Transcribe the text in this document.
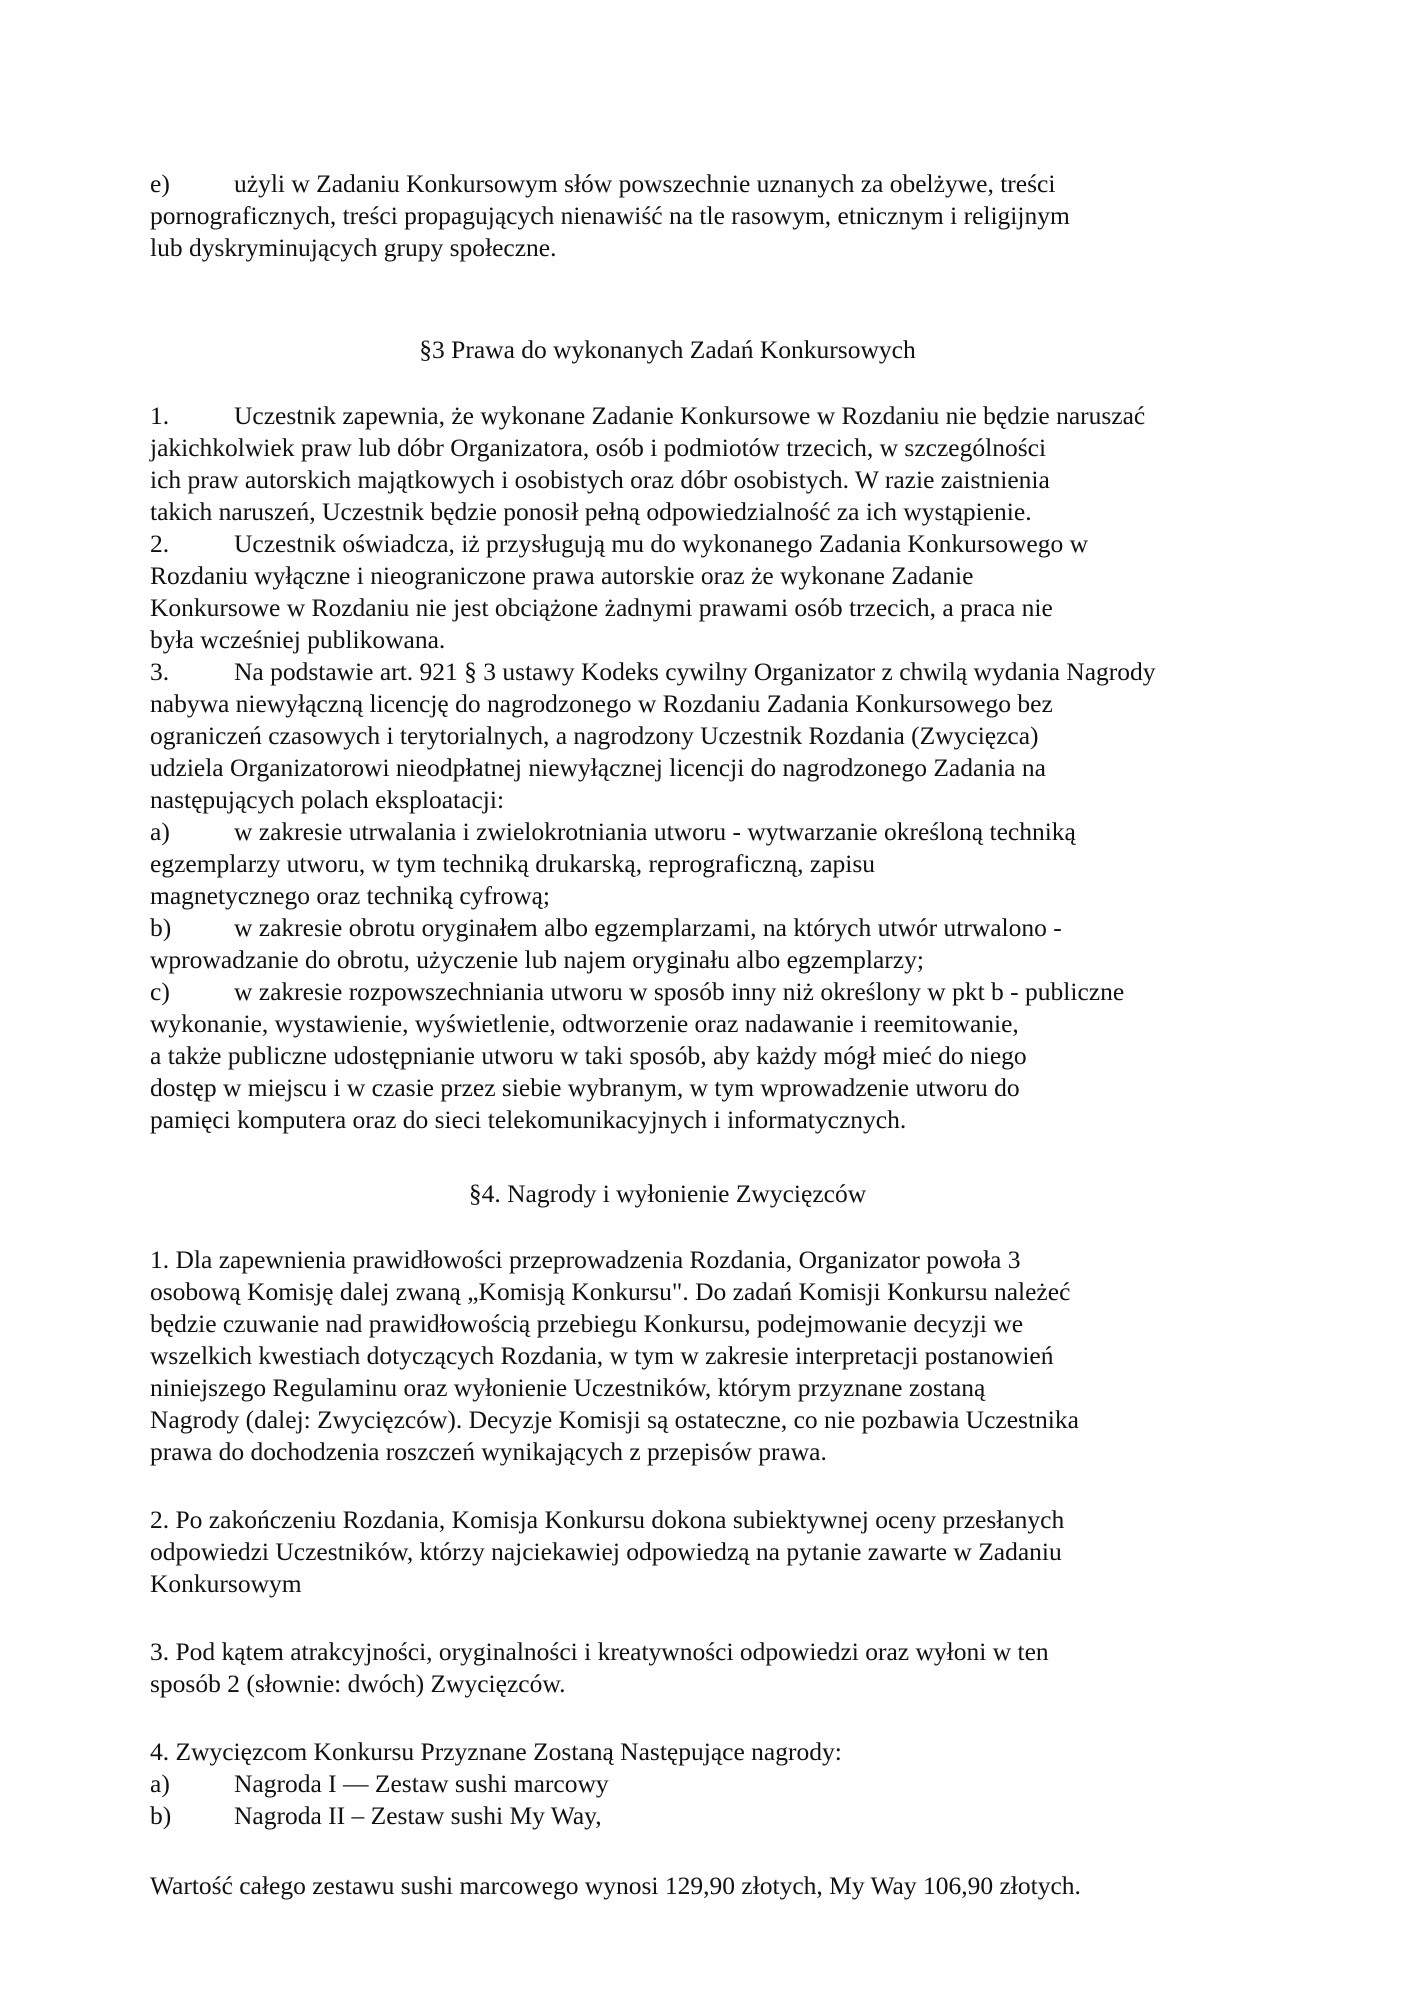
e)	użyli w Zadaniu Konkursowym słów powszechnie uznanych za obelżywe, treści
pornograficznych, treści propagujących nienawiść na tle rasowym, etnicznym i religijnym
lub dyskryminujących grupy społeczne.
§3 Prawa do wykonanych Zadań Konkursowych
1.	Uczestnik zapewnia, że wykonane Zadanie Konkursowe w Rozdaniu nie będzie naruszać
jakichkolwiek praw lub dóbr Organizatora, osób i podmiotów trzecich, w szczególności
ich praw autorskich majątkowych i osobistych oraz dóbr osobistych. W razie zaistnienia
takich naruszeń, Uczestnik będzie ponosił pełną odpowiedzialność za ich wystąpienie.
2.	Uczestnik oświadcza, iż przysługują mu do wykonanego Zadania Konkursowego w
Rozdaniu wyłączne i nieograniczone prawa autorskie oraz że wykonane Zadanie
Konkursowe w Rozdaniu nie jest obciążone żadnymi prawami osób trzecich, a praca nie
była wcześniej publikowana.
3.	Na podstawie art. 921 § 3 ustawy Kodeks cywilny Organizator z chwilą wydania Nagrody
nabywa niewyłączną licencję do nagrodzonego w Rozdaniu Zadania Konkursowego bez
ograniczeń czasowych i terytorialnych, a nagrodzony Uczestnik Rozdania (Zwycięzca)
udziela Organizatorowi nieodpłatnej niewyłącznej licencji do nagrodzonego Zadania na
następujących polach eksploatacji:
a)	w zakresie utrwalania i zwielokrotniania utworu - wytwarzanie określoną techniką
egzemplarzy utworu, w tym techniką drukarską, reprograficzną, zapisu
magnetycznego oraz techniką cyfrową;
b) w zakresie obrotu oryginałem albo egzemplarzami, na których utwór utrwalono -
wprowadzanie do obrotu, użyczenie lub najem oryginału albo egzemplarzy;
c)	w zakresie rozpowszechniania utworu w sposób inny niż określony w pkt b - publiczne
wykonanie, wystawienie, wyświetlenie, odtworzenie oraz nadawanie i reemitowanie,
a także publiczne udostępnianie utworu w taki sposób, aby każdy mógł mieć do niego
dostęp w miejscu i w czasie przez siebie wybranym, w tym wprowadzenie utworu do
pamięci komputera oraz do sieci telekomunikacyjnych i informatycznych.
§4. Nagrody i wyłonienie Zwycięzców
1. Dla zapewnienia prawidłowości przeprowadzenia Rozdania, Organizator powoła 3
osobową Komisję dalej zwaną „Komisją Konkursu". Do zadań Komisji Konkursu należeć
będzie czuwanie nad prawidłowością przebiegu Konkursu, podejmowanie decyzji we
wszelkich kwestiach dotyczących Rozdania, w tym w zakresie interpretacji postanowień
niniejszego Regulaminu oraz wyłonienie Uczestników, którym przyznane zostaną
Nagrody (dalej: Zwycięzców). Decyzje Komisji są ostateczne, co nie pozbawia Uczestnika
prawa do dochodzenia roszczeń wynikających z przepisów prawa.
2. Po zakończeniu Rozdania, Komisja Konkursu dokona subiektywnej oceny przesłanych
odpowiedzi Uczestników, którzy najciekawiej odpowiedzą na pytanie zawarte w Zadaniu
Konkursowym
3. Pod kątem atrakcyjności, oryginalności i kreatywności odpowiedzi oraz wyłoni w ten
sposób 2 (słownie: dwóch) Zwycięzców.
4. Zwycięzcom Konkursu Przyznane Zostaną Następujące nagrody:
a)	Nagroda I — Zestaw sushi marcowy
b) Nagroda II – Zestaw sushi My Way,
Wartość całego zestawu sushi marcowego wynosi 129,90 złotych, My Way 106,90 złotych.
